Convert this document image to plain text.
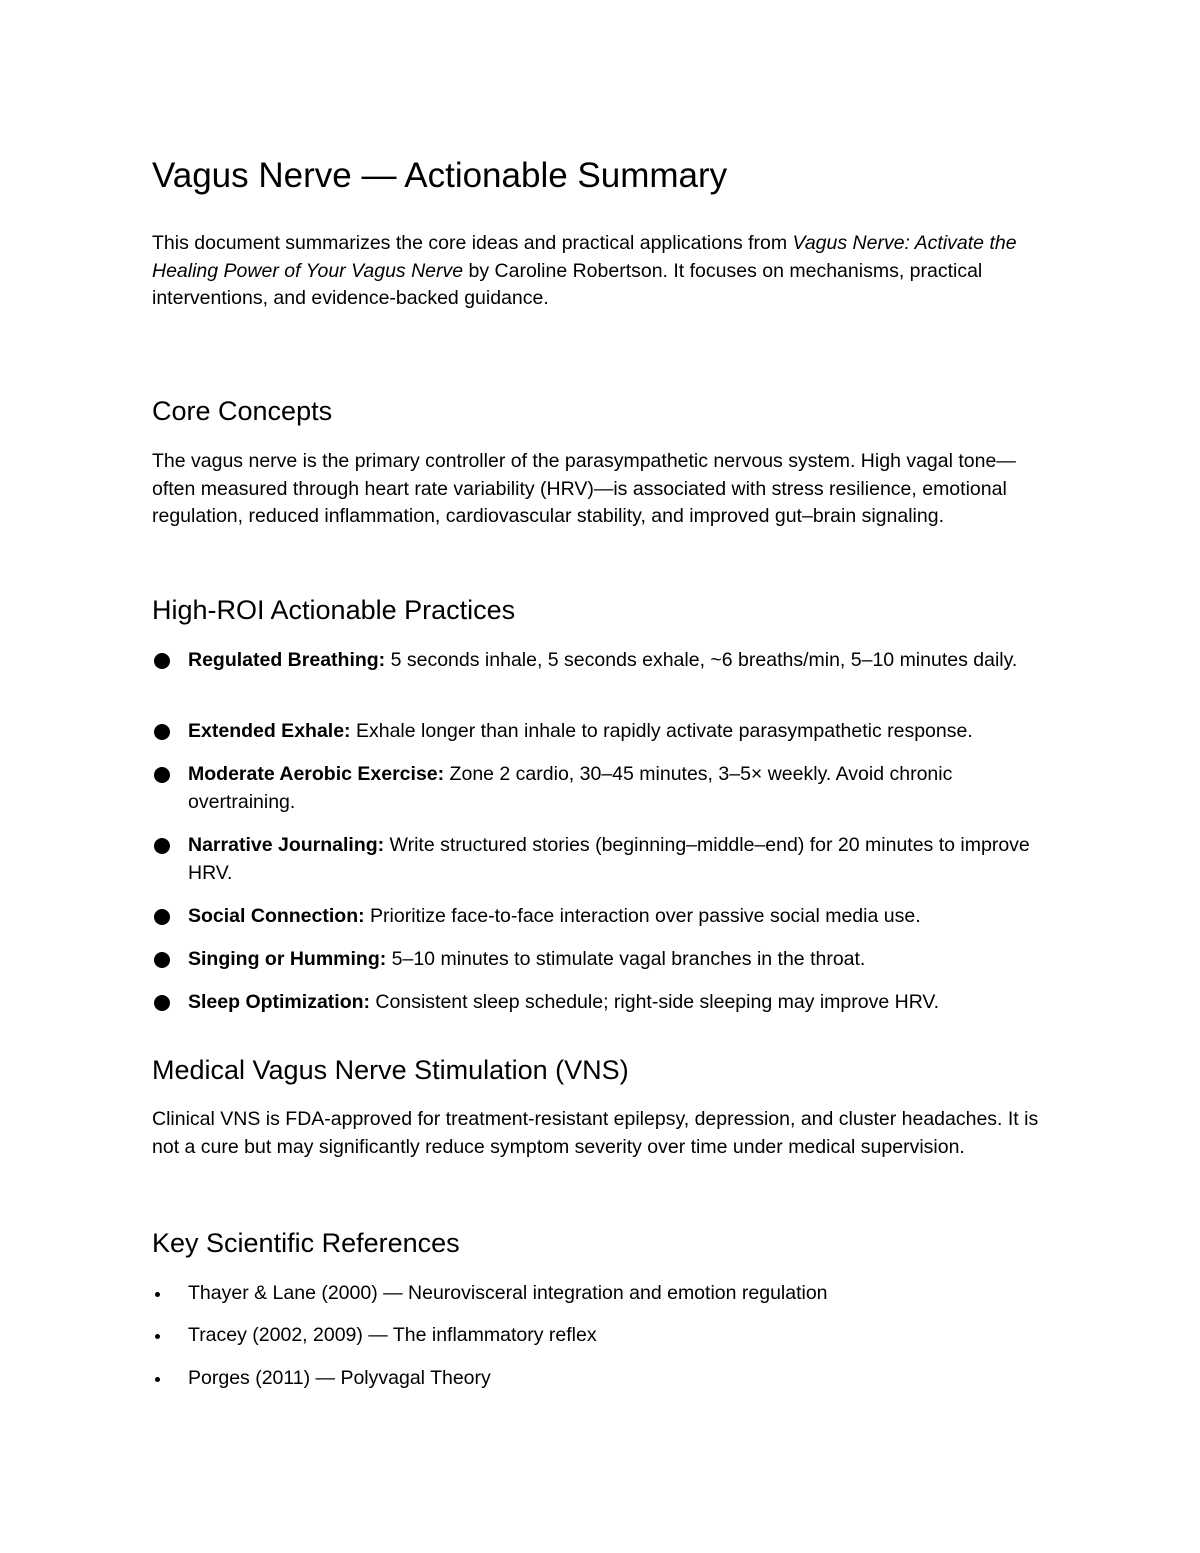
Vagus Nerve — Actionable Summary

This document summarizes the core ideas and practical applications from Vagus Nerve: Activate the Healing Power of Your Vagus Nerve by Caroline Robertson. It focuses on mechanisms, practical interventions, and evidence-backed guidance.

Core Concepts

The vagus nerve is the primary controller of the parasympathetic nervous system. High vagal tone—often measured through heart rate variability (HRV)—is associated with stress resilience, emotional regulation, reduced inflammation, cardiovascular stability, and improved gut–brain signaling.

High-ROI Actionable Practices
Regulated Breathing: 5 seconds inhale, 5 seconds exhale, ~6 breaths/min, 5–10 minutes daily.
Extended Exhale: Exhale longer than inhale to rapidly activate parasympathetic response.
Moderate Aerobic Exercise: Zone 2 cardio, 30–45 minutes, 3–5× weekly. Avoid chronic overtraining.
Narrative Journaling: Write structured stories (beginning–middle–end) for 20 minutes to improve HRV.
Social Connection: Prioritize face-to-face interaction over passive social media use.
Singing or Humming: 5–10 minutes to stimulate vagal branches in the throat.
Sleep Optimization: Consistent sleep schedule; right-side sleeping may improve HRV.
Medical Vagus Nerve Stimulation (VNS)

Clinical VNS is FDA-approved for treatment-resistant epilepsy, depression, and cluster headaches. It is not a cure but may significantly reduce symptom severity over time under medical supervision.

Key Scientific References
Thayer & Lane (2000) — Neurovisceral integration and emotion regulation
Tracey (2002, 2009) — The inflammatory reflex
Porges (2011) — Polyvagal Theory
